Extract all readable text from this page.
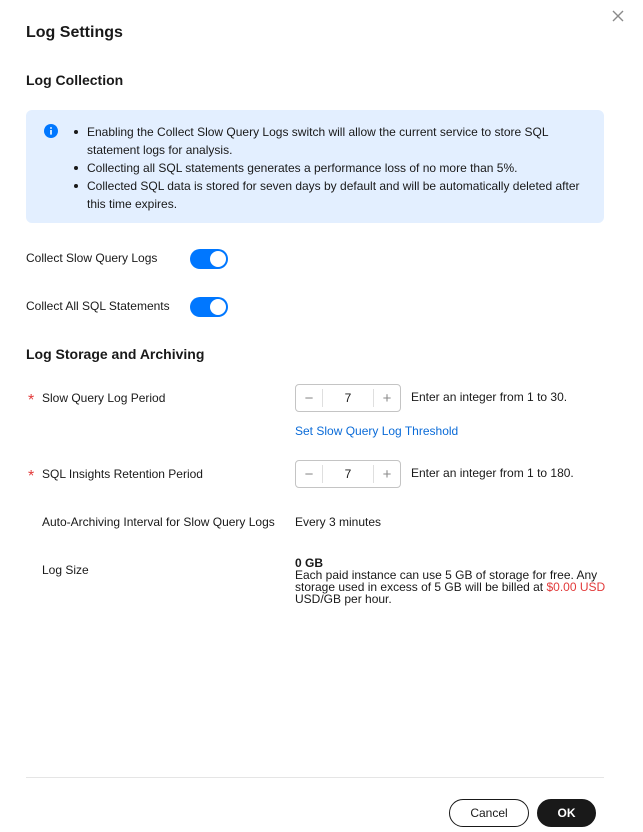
Log Settings
Log Collection
Enabling the Collect Slow Query Logs switch will allow the current service to store SQL statement logs for analysis.
Collecting all SQL statements generates a performance loss of no more than 5%.
Collected SQL data is stored for seven days by default and will be automatically deleted after this time expires.
Collect Slow Query Logs
Collect All SQL Statements
Log Storage and Archiving
* Slow Query Log Period	−	7	+	Enter an integer from 1 to 30.
Set Slow Query Log Threshold
* SQL Insights Retention Period	−	7	+	Enter an integer from 1 to 180.
Auto-Archiving Interval for Slow Query Logs Every 3 minutes
Log Size	0 GB
Each paid instance can use 5 GB of storage for free. Any storage used in excess of 5 GB will be billed at $0.00 USD USD/GB per hour.
Cancel	OK
